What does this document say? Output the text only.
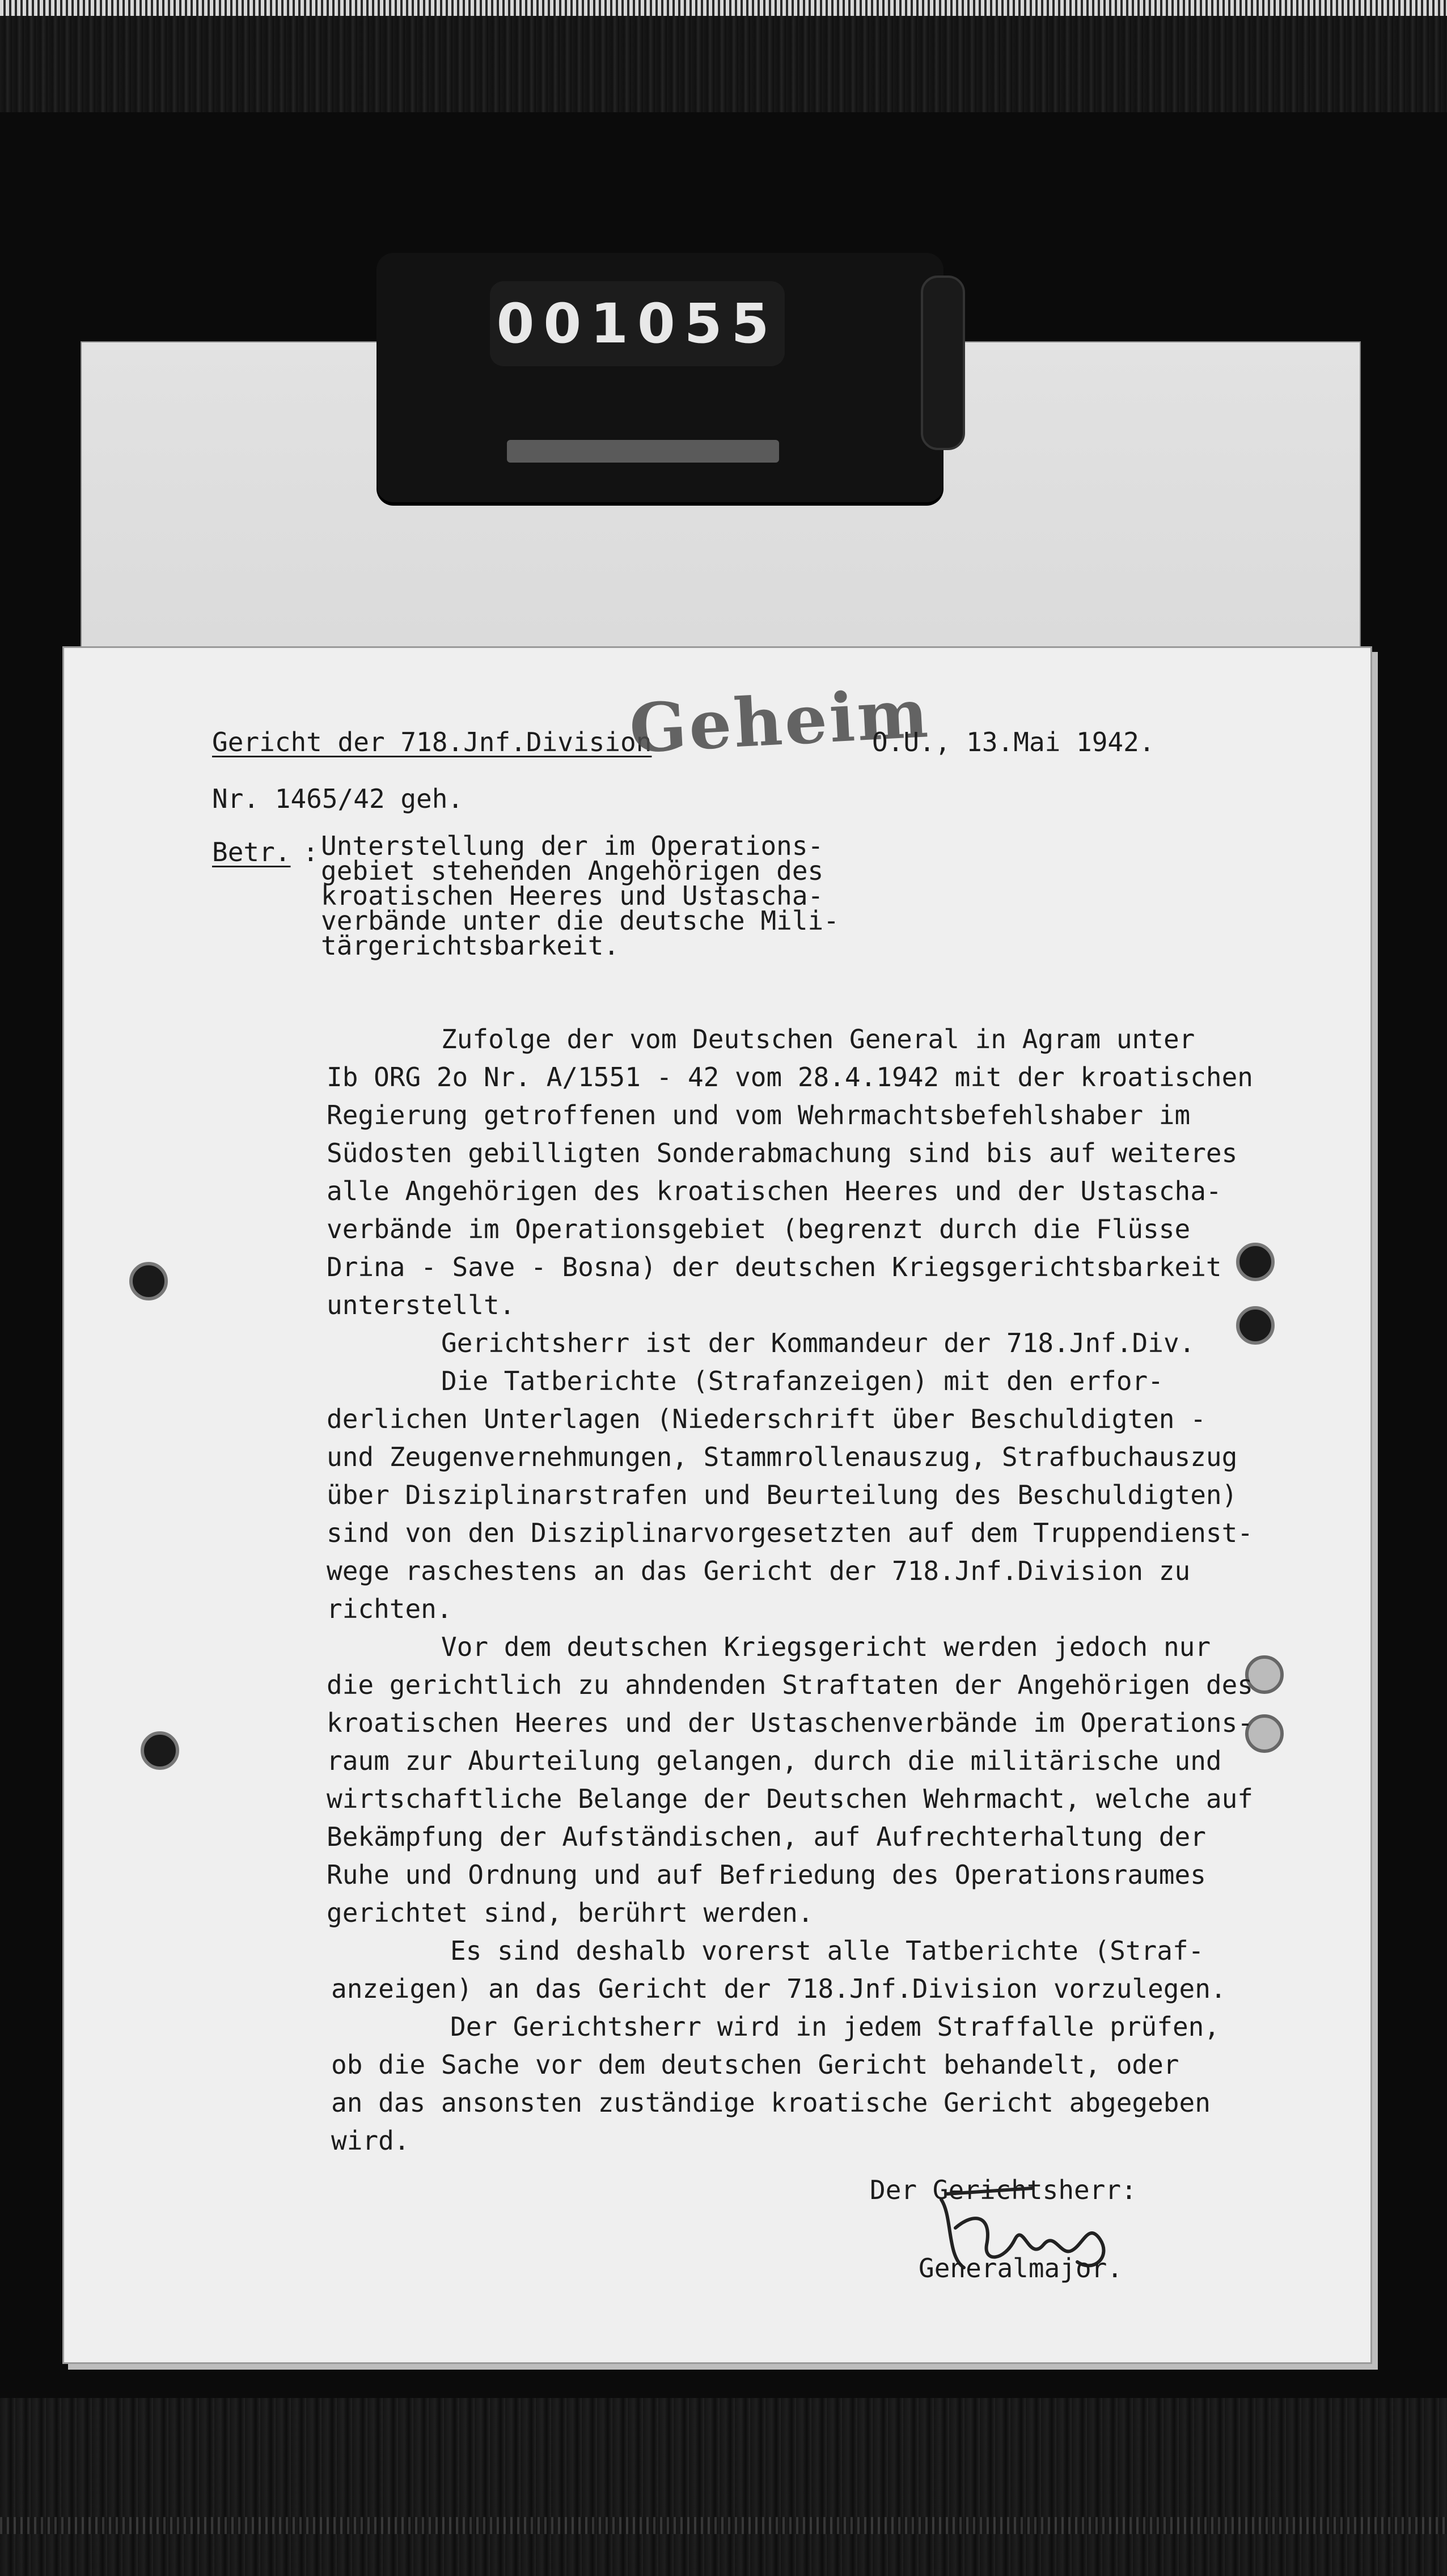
001055
Gericht der 718.Jnf.Division
Geheim
O.U., 13.Mai 1942.
Nr. 1465/42 geh.
Betr. : Unterstellung der im Operations-
gebiet stehenden Angehörigen des
kroatischen Heeres und Ustascha-
verbände unter die deutsche Mili-
tärgerichtsbarkeit.
Zufolge der vom Deutschen General in Agram unter
Ib ORG 2o Nr. A/1551 - 42 vom 28.4.1942 mit der kroatischen
Regierung getroffenen und vom Wehrmachtsbefehlshaber im
Südosten gebilligten Sonderabmachung sind bis auf weiteres
alle Angehörigen des kroatischen Heeres und der Ustascha-
verbände im Operationsgebiet (begrenzt durch die Flüsse
Drina - Save - Bosna) der deutschen Kriegsgerichtsbarkeit
unterstellt.
Gerichtsherr ist der Kommandeur der 718.Jnf.Div.
Die Tatberichte (Strafanzeigen) mit den erfor-
derlichen Unterlagen (Niederschrift über Beschuldigten -
und Zeugenvernehmungen, Stammrollenauszug, Strafbuchauszug
über Disziplinarstrafen und Beurteilung des Beschuldigten)
sind von den Disziplinarvorgesetzten auf dem Truppendienst-
wege raschestens an das Gericht der 718.Jnf.Division zu
richten.
Vor dem deutschen Kriegsgericht werden jedoch nur
die gerichtlich zu ahndenden Straftaten der Angehörigen des
kroatischen Heeres und der Ustaschenverbände im Operations-
raum zur Aburteilung gelangen, durch die militärische und
wirtschaftliche Belange der Deutschen Wehrmacht, welche auf
Bekämpfung der Aufständischen, auf Aufrechterhaltung der
Ruhe und Ordnung und auf Befriedung des Operationsraumes
gerichtet sind, berührt werden.
Es sind deshalb vorerst alle Tatberichte (Straf-
anzeigen) an das Gericht der 718.Jnf.Division vorzulegen.
Der Gerichtsherr wird in jedem Straffalle prüfen,
ob die Sache vor dem deutschen Gericht behandelt, oder
an das ansonsten zuständige kroatische Gericht abgegeben
wird.
Der Gerichtsherr:
Generalmajor.
